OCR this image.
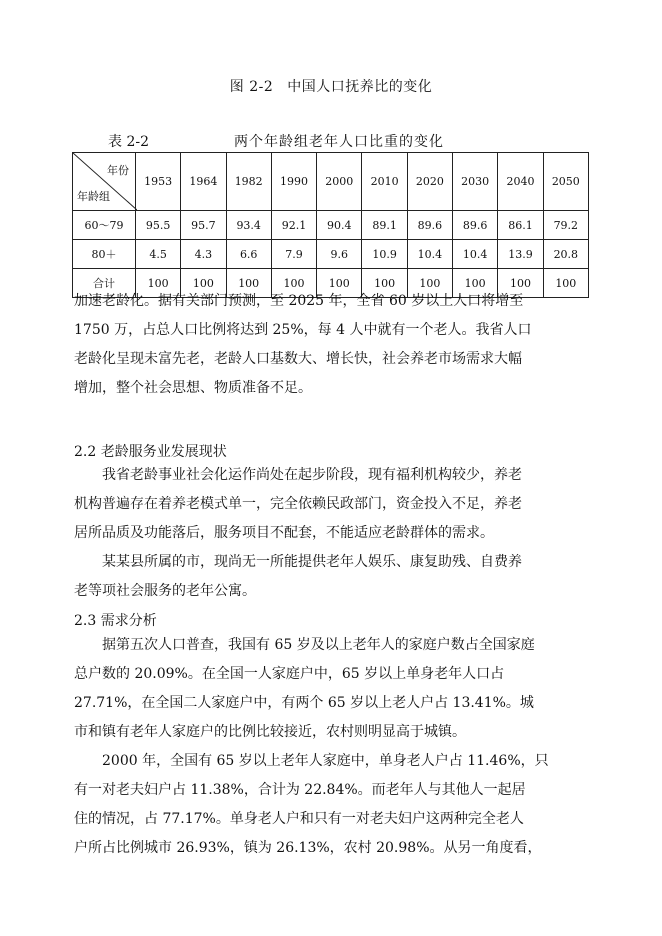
图 2-2 中国人口抚养比的变化
表 2-2	两个年龄组老年人口比重的变化
年份
年龄组	1953	1964	1982	1990	2000	2010	2020	2030	2040	2050
60～79	95.5	95.7	93.4	92.1	90.4	89.1	89.6	89.6	86.1	79.2
80＋	4.5	4.3	6.6	7.9	9.6	10.9	10.4	10.4	13.9	20.8
合计	100	100	100	100	100	100	100	100	100	100
加速老龄化。据有关部门预测，至 2025 年，全省 60 岁以上人口将增至
1750 万，占总人口比例将达到 25%，每 4 人中就有一个老人。我省人口
老龄化呈现未富先老，老龄人口基数大、增长快，社会养老市场需求大幅
增加，整个社会思想、物质准备不足。
2.2 老龄服务业发展现状
　　我省老龄事业社会化运作尚处在起步阶段，现有福利机构较少，养老
机构普遍存在着养老模式单一，完全依赖民政部门，资金投入不足，养老
居所品质及功能落后，服务项目不配套，不能适应老龄群体的需求。
　　某某县所属的市，现尚无一所能提供老年人娱乐、康复助残、自费养
老等项社会服务的老年公寓。
2.3 需求分析
　　据第五次人口普查，我国有 65 岁及以上老年人的家庭户数占全国家庭
总户数的 20.09%。在全国一人家庭户中，65 岁以上单身老年人口占
27.71%，在全国二人家庭户中，有两个 65 岁以上老人户占 13.41%。城
市和镇有老年人家庭户的比例比较接近，农村则明显高于城镇。
　　2000 年，全国有 65 岁以上老年人家庭中，单身老人户占 11.46%，只
有一对老夫妇户占 11.38%，合计为 22.84%。而老年人与其他人一起居
住的情况，占 77.17%。单身老人户和只有一对老夫妇户这两种完全老人
户所占比例城市 26.93%，镇为 26.13%，农村 20.98%。从另一角度看，
